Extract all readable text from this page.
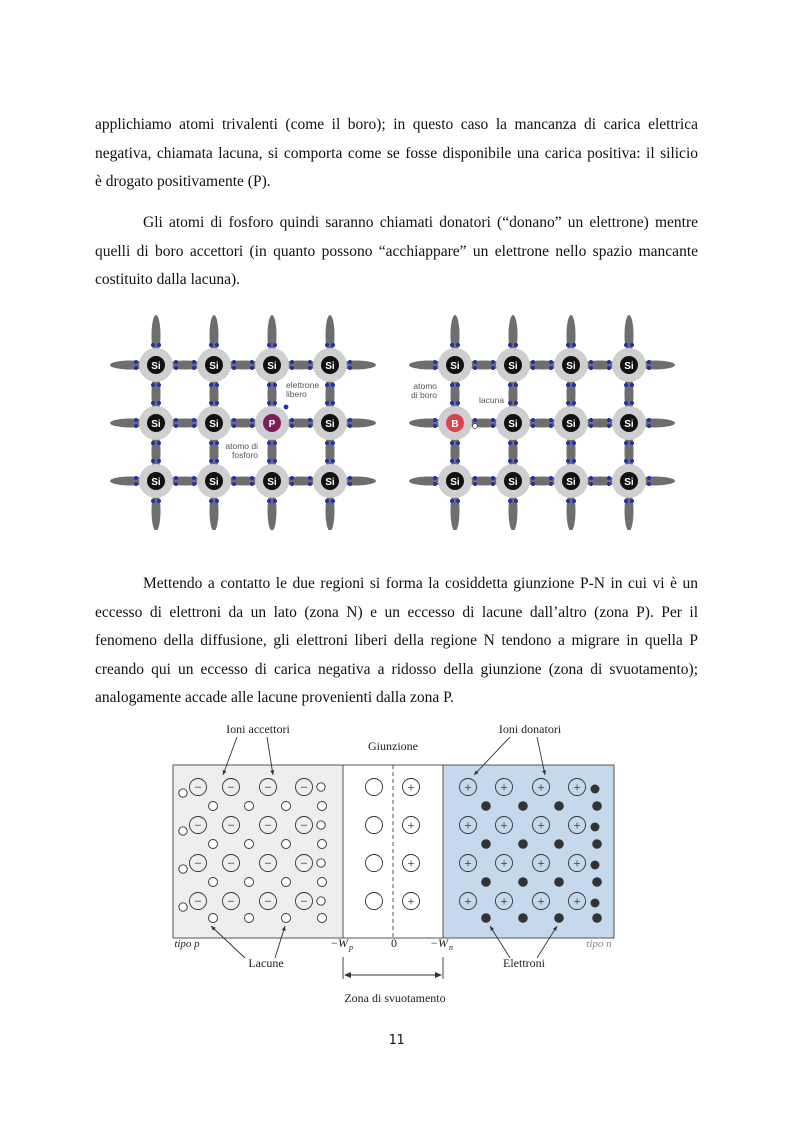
applichiamo atomi trivalenti (come il boro); in questo caso la mancanza di carica elettrica
negativa, chiamata lacuna, si comporta come se fosse disponibile una carica positiva: il silicio
è drogato positivamente (P).
Gli atomi di fosforo quindi saranno chiamati donatori (“donano” un elettrone) mentre
quelli di boro accettori (in quanto possono “acchiappare” un elettrone nello spazio mancante
costituito dalla lacuna).
Si	Si	Si	Si
Si	Si	P	Si
Si	Si	Si	Si
elettrone
libero
atomo di
fosforo
Si	Si	Si	Si
B	Si	Si	Si
Si	Si	Si	Si
atomo
di boro	lacuna
Mettendo a contatto le due regioni si forma la cosiddetta giunzione P-N in cui vi è un
eccesso di elettroni da un lato (zona N) e un eccesso di lacune dall’altro (zona P). Per il
fenomeno della diffusione, gli elettroni liberi della regione N tendono a migrare in quella P
creando qui un eccesso di carica negativa a ridosso della giunzione (zona di svuotamento);
analogamente accade alle lacune provenienti dalla zona P.
− − − −	+ + + +
+
− − − −	+ + + +
+
− − − −	+ + + +
+
− − − −	+ + + +
+
Ioni accettori
Giunzione
Ioni donatori
tipo p	tipo n
−W p	0	−W n
Lacune	Elettroni
Zona di svuotamento
11
